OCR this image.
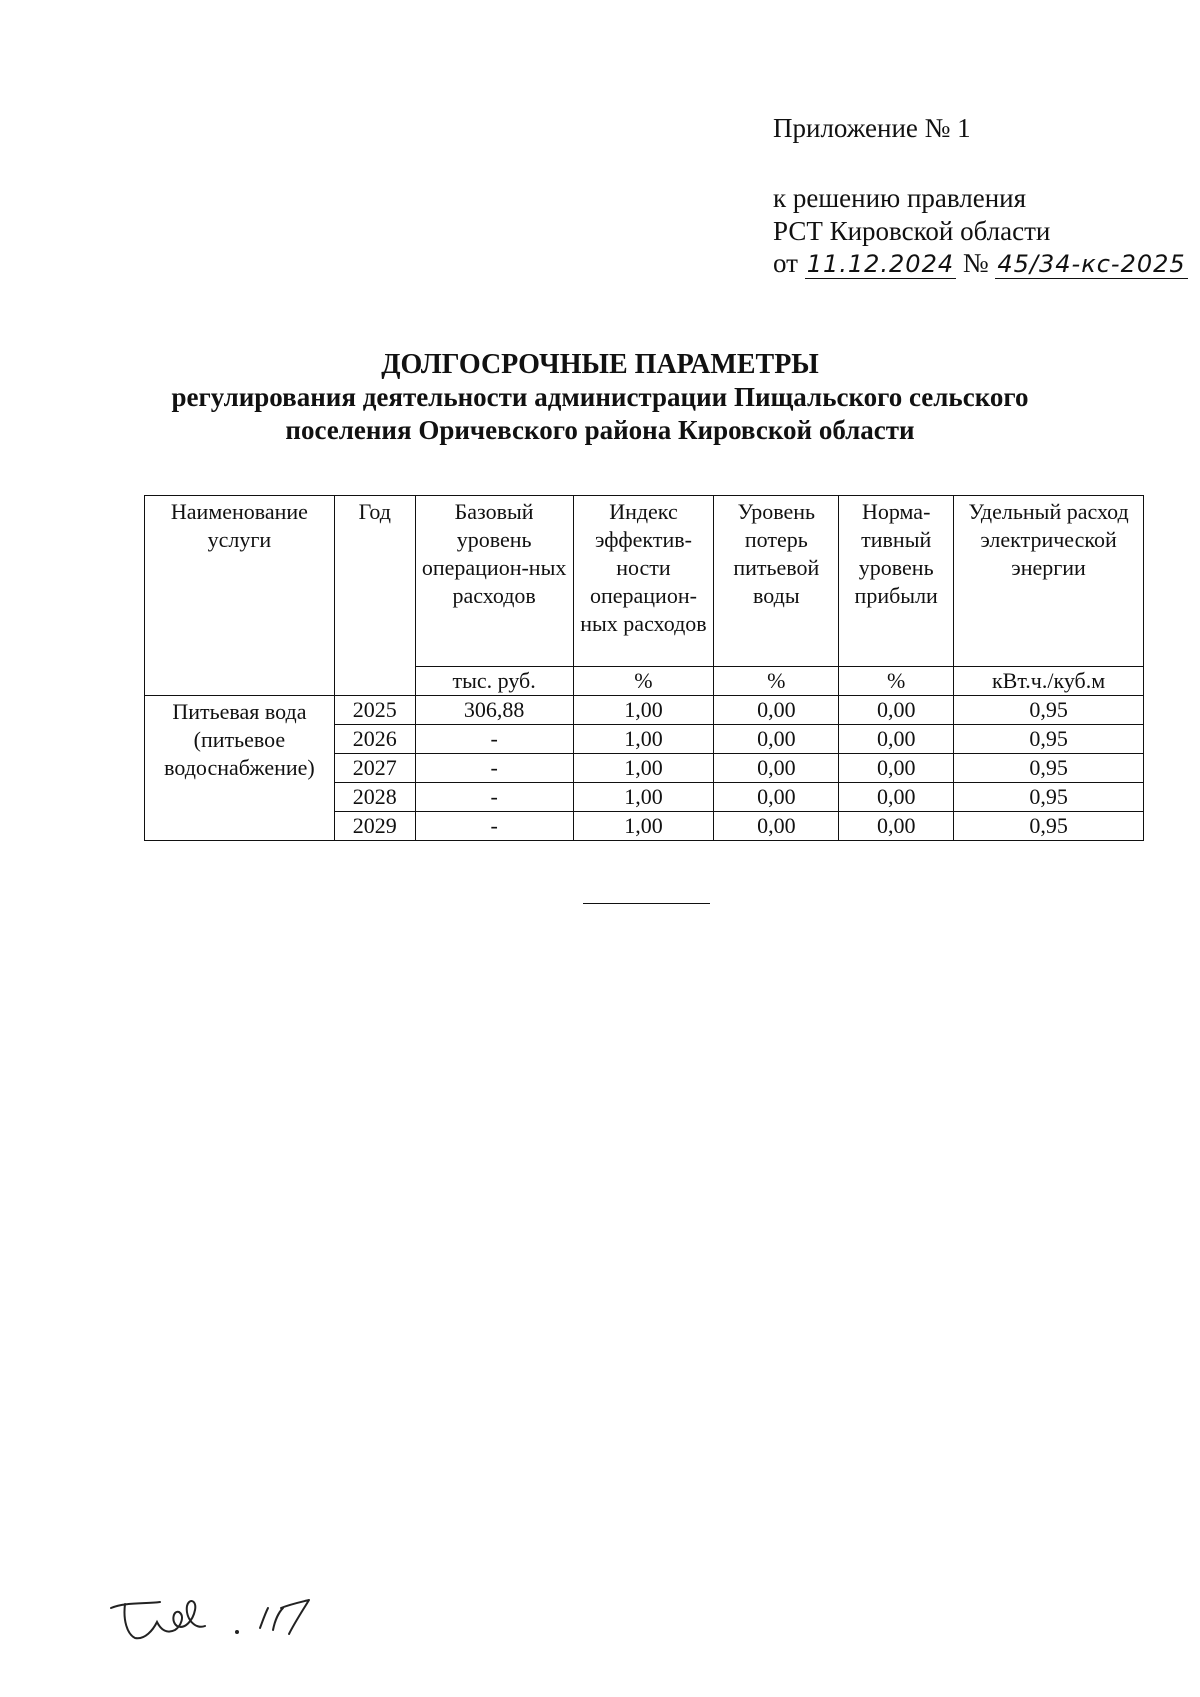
Приложение № 1
к решению правления
РСТ Кировской области
от 11.12.2024 № 45/34-кс-2025
ДОЛГОСРОЧНЫЕ ПАРАМЕТРЫ
регулирования деятельности администрации Пищальского сельского
поселения Оричевского района Кировской области
Наименование услуги	Год	Базовый уровень операцион-ных расходов	Индекс эффектив-ности операцион-ных расходов	Уровень потерь питьевой воды	Норма-тивный уровень прибыли	Удельный расход электрической энергии
		тыс. руб.	%	%	%	кВт.ч./куб.м
Питьевая вода (питьевое водоснабжение)	2025	306,88	1,00	0,00	0,00	0,95
	2026	-	1,00	0,00	0,00	0,95
	2027	-	1,00	0,00	0,00	0,95
	2028	-	1,00	0,00	0,00	0,95
	2029	-	1,00	0,00	0,00	0,95
